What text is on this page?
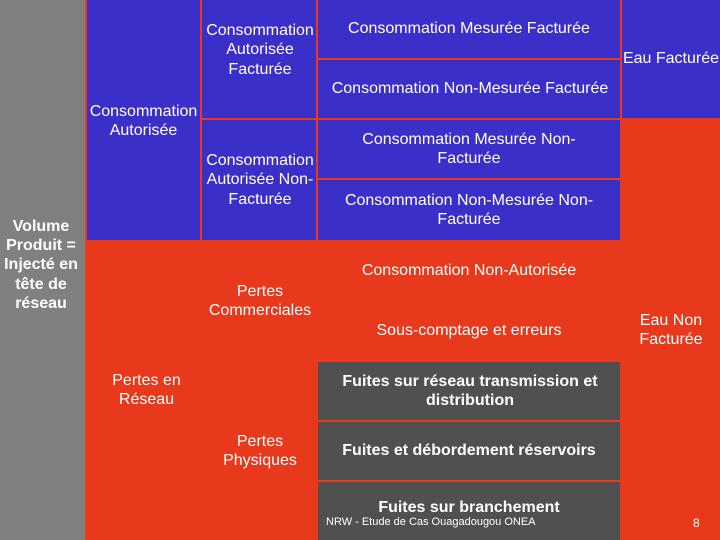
Volume Produit = Injecté en tête de réseau
Consommation Autorisée
Pertes en Réseau
Consommation Autorisée Facturée
Consommation Autorisée Non-Facturée
Pertes Commerciales
Pertes Physiques
Consommation Mesurée Facturée
Consommation Non-Mesurée Facturée
Consommation Mesurée Non-Facturée
Consommation Non-Mesurée Non-Facturée
Consommation Non-Autorisée
Sous-comptage et erreurs
Fuites sur réseau transmission et distribution
Fuites et débordement réservoirs
Fuites sur branchement
Eau Facturée
Eau Non Facturée
NRW - Etude de Cas Ouagadougou ONEA	8
